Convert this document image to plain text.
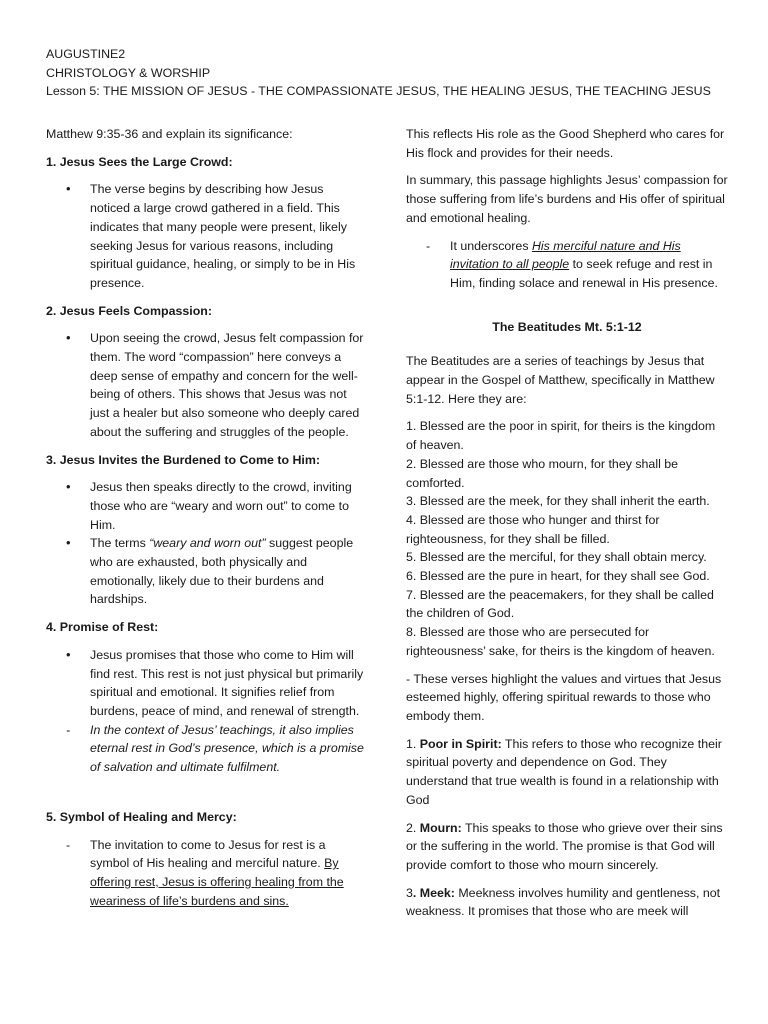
AUGUSTINE2
CHRISTOLOGY & WORSHIP
Lesson 5: THE MISSION OF JESUS - THE COMPASSIONATE JESUS, THE HEALING JESUS, THE TEACHING JESUS

Matthew 9:35-36 and explain its significance:

1. Jesus Sees the Large Crowd:
• The verse begins by describing how Jesus noticed a large crowd gathered in a field. This indicates that many people were present, likely seeking Jesus for various reasons, including spiritual guidance, healing, or simply to be in His presence.
2. Jesus Feels Compassion:
• Upon seeing the crowd, Jesus felt compassion for them. The word “compassion” here conveys a deep sense of empathy and concern for the well-being of others. This shows that Jesus was not just a healer but also someone who deeply cared about the suffering and struggles of the people.
3. Jesus Invites the Burdened to Come to Him:
• Jesus then speaks directly to the crowd, inviting those who are “weary and worn out” to come to Him.
• The terms “weary and worn out” suggest people who are exhausted, both physically and emotionally, likely due to their burdens and hardships.
4. Promise of Rest:
• Jesus promises that those who come to Him will find rest. This rest is not just physical but primarily spiritual and emotional. It signifies relief from burdens, peace of mind, and renewal of strength.
- In the context of Jesus’ teachings, it also implies eternal rest in God’s presence, which is a promise of salvation and ultimate fulfilment.
5. Symbol of Healing and Mercy:
- The invitation to come to Jesus for rest is a symbol of His healing and merciful nature. By offering rest, Jesus is offering healing from the weariness of life’s burdens and sins.

This reflects His role as the Good Shepherd who cares for His flock and provides for their needs.

In summary, this passage highlights Jesus’ compassion for those suffering from life’s burdens and His offer of spiritual and emotional healing.

- It underscores His merciful nature and His invitation to all people to seek refuge and rest in Him, finding solace and renewal in His presence.
The Beatitudes Mt. 5:1-12

The Beatitudes are a series of teachings by Jesus that appear in the Gospel of Matthew, specifically in Matthew 5:1-12. Here they are:

1. Blessed are the poor in spirit, for theirs is the kingdom of heaven.

2. Blessed are those who mourn, for they shall be comforted.

3. Blessed are the meek, for they shall inherit the earth.

4. Blessed are those who hunger and thirst for righteousness, for they shall be filled.

5. Blessed are the merciful, for they shall obtain mercy.

6. Blessed are the pure in heart, for they shall see God.

7. Blessed are the peacemakers, for they shall be called the children of God.

8. Blessed are those who are persecuted for righteousness’ sake, for theirs is the kingdom of heaven.

- These verses highlight the values and virtues that Jesus esteemed highly, offering spiritual rewards to those who embody them.

1. Poor in Spirit: This refers to those who recognize their spiritual poverty and dependence on God. They understand that true wealth is found in a relationship with God

2. Mourn: This speaks to those who grieve over their sins or the suffering in the world. The promise is that God will provide comfort to those who mourn sincerely.

3. Meek: Meekness involves humility and gentleness, not weakness. It promises that those who are meek will
